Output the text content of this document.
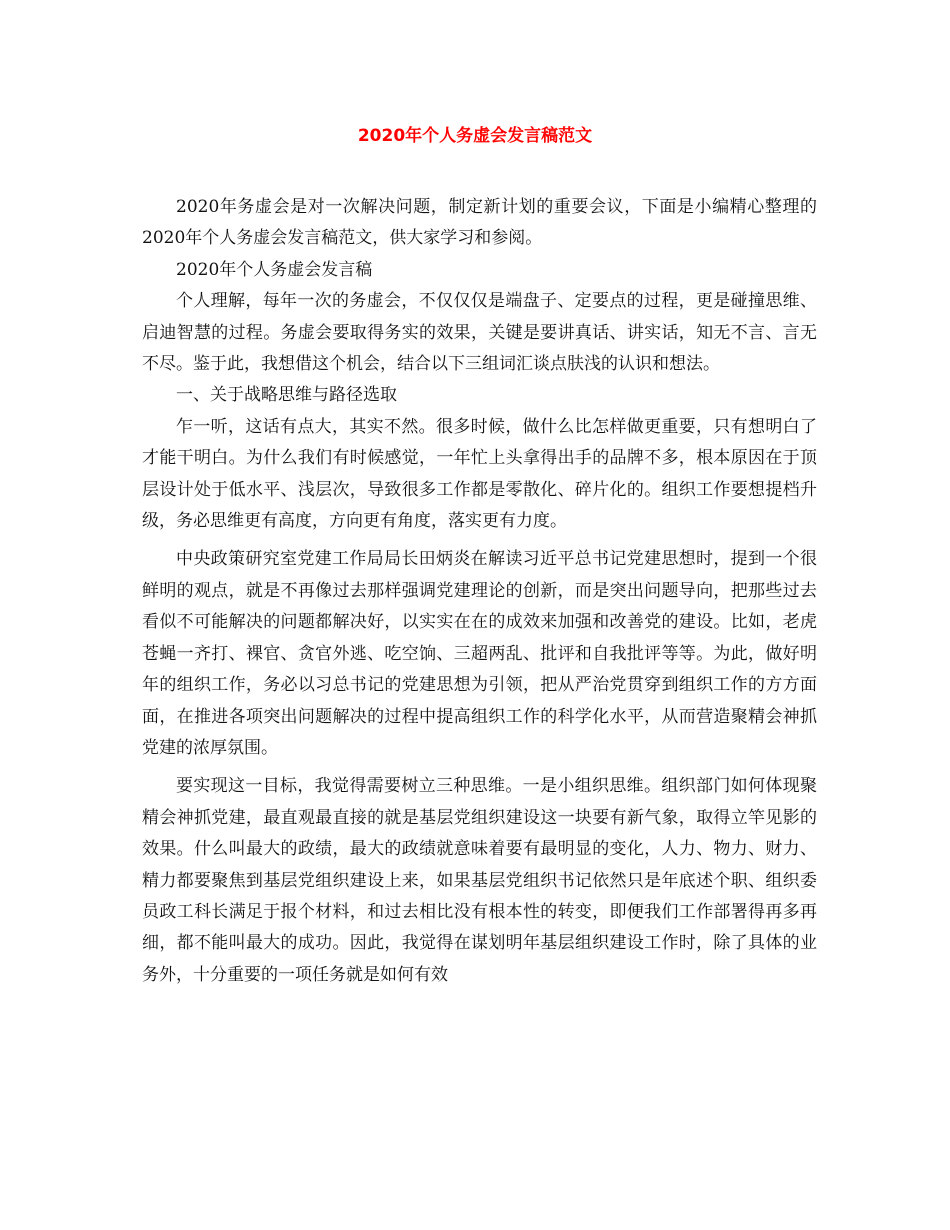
2020年个人务虚会发言稿范文

2020年务虚会是对一次解决问题，制定新计划的重要会议，下面是小编精心整理的2020年个人务虚会发言稿范文，供大家学习和参阅。

2020年个人务虚会发言稿

个人理解，每年一次的务虚会，不仅仅仅是端盘子、定要点的过程，更是碰撞思维、启迪智慧的过程。务虚会要取得务实的效果，关键是要讲真话、讲实话，知无不言、言无不尽。鉴于此，我想借这个机会，结合以下三组词汇谈点肤浅的认识和想法。

一、关于战略思维与路径选取

乍一听，这话有点大，其实不然。很多时候，做什么比怎样做更重要，只有想明白了才能干明白。为什么我们有时候感觉，一年忙上头拿得出手的品牌不多，根本原因在于顶层设计处于低水平、浅层次，导致很多工作都是零散化、碎片化的。组织工作要想提档升级，务必思维更有高度，方向更有角度，落实更有力度。

中央政策研究室党建工作局局长田炳炎在解读习近平总书记党建思想时，提到一个很鲜明的观点，就是不再像过去那样强调党建理论的创新，而是突出问题导向，把那些过去看似不可能解决的问题都解决好，以实实在在的成效来加强和改善党的建设。比如，老虎苍蝇一齐打、裸官、贪官外逃、吃空饷、三超两乱、批评和自我批评等等。为此，做好明年的组织工作，务必以习总书记的党建思想为引领，把从严治党贯穿到组织工作的方方面面，在推进各项突出问题解决的过程中提高组织工作的科学化水平，从而营造聚精会神抓党建的浓厚氛围。

要实现这一目标，我觉得需要树立三种思维。一是小组织思维。组织部门如何体现聚精会神抓党建，最直观最直接的就是基层党组织建设这一块要有新气象，取得立竿见影的效果。什么叫最大的政绩，最大的政绩就意味着要有最明显的变化，人力、物力、财力、精力都要聚焦到基层党组织建设上来，如果基层党组织书记依然只是年底述个职、组织委员政工科长满足于报个材料，和过去相比没有根本性的转变，即便我们工作部署得再多再细，都不能叫最大的成功。因此，我觉得在谋划明年基层组织建设工作时，除了具体的业务外，十分重要的一项任务就是如何有效
